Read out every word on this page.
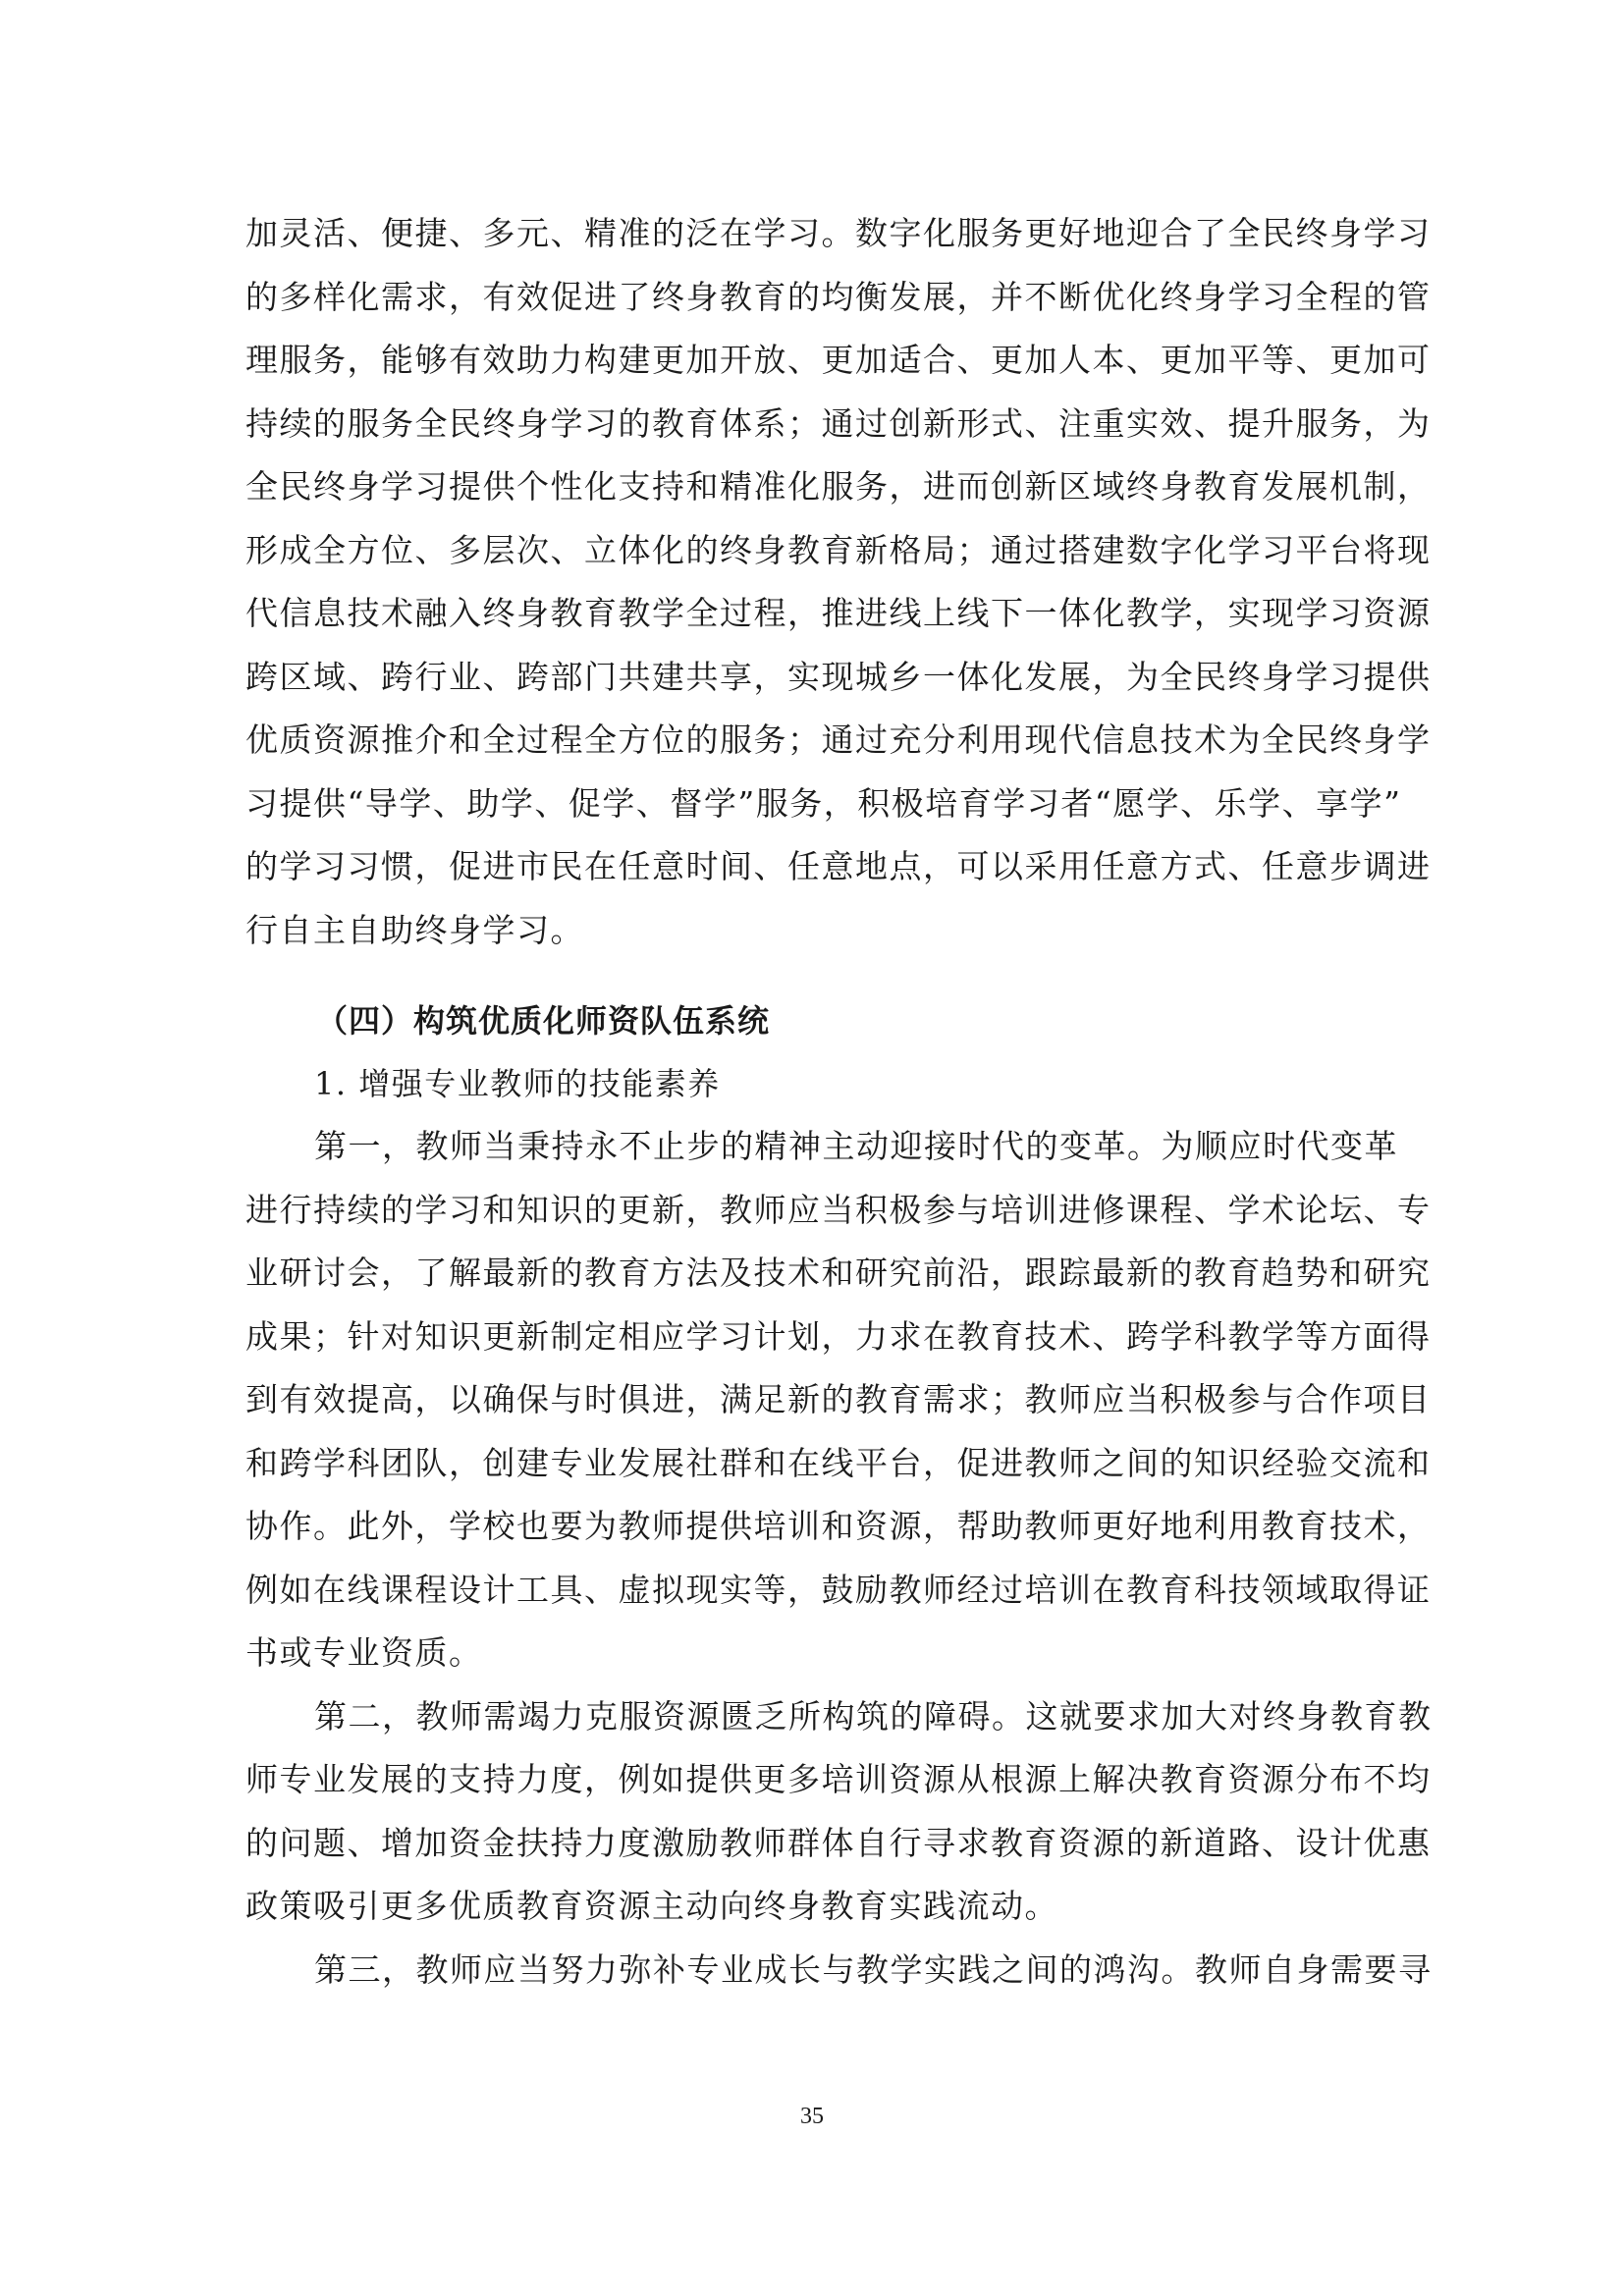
加灵活、便捷、多元、精准的泛在学习。数字化服务更好地迎合了全民终身学习
的多样化需求，有效促进了终身教育的均衡发展，并不断优化终身学习全程的管
理服务，能够有效助力构建更加开放、更加适合、更加人本、更加平等、更加可
持续的服务全民终身学习的教育体系；通过创新形式、注重实效、提升服务，为
全民终身学习提供个性化支持和精准化服务，进而创新区域终身教育发展机制，
形成全方位、多层次、立体化的终身教育新格局；通过搭建数字化学习平台将现
代信息技术融入终身教育教学全过程，推进线上线下一体化教学，实现学习资源
跨区域、跨行业、跨部门共建共享，实现城乡一体化发展，为全民终身学习提供
优质资源推介和全过程全方位的服务；通过充分利用现代信息技术为全民终身学
习提供“导学、助学、促学、督学”服务，积极培育学习者“愿学、乐学、享学”
的学习习惯，促进市民在任意时间、任意地点，可以采用任意方式、任意步调进
行自主自助终身学习。

（四）构筑优质化师资队伍系统

1. 增强专业教师的技能素养

第一，教师当秉持永不止步的精神主动迎接时代的变革。为顺应时代变革
进行持续的学习和知识的更新，教师应当积极参与培训进修课程、学术论坛、专
业研讨会，了解最新的教育方法及技术和研究前沿，跟踪最新的教育趋势和研究
成果；针对知识更新制定相应学习计划，力求在教育技术、跨学科教学等方面得
到有效提高，以确保与时俱进，满足新的教育需求；教师应当积极参与合作项目
和跨学科团队，创建专业发展社群和在线平台，促进教师之间的知识经验交流和
协作。此外，学校也要为教师提供培训和资源，帮助教师更好地利用教育技术，
例如在线课程设计工具、虚拟现实等，鼓励教师经过培训在教育科技领域取得证
书或专业资质。

第二，教师需竭力克服资源匮乏所构筑的障碍。这就要求加大对终身教育教
师专业发展的支持力度，例如提供更多培训资源从根源上解决教育资源分布不均
的问题、增加资金扶持力度激励教师群体自行寻求教育资源的新道路、设计优惠
政策吸引更多优质教育资源主动向终身教育实践流动。

第三，教师应当努力弥补专业成长与教学实践之间的鸿沟。教师自身需要寻

35
